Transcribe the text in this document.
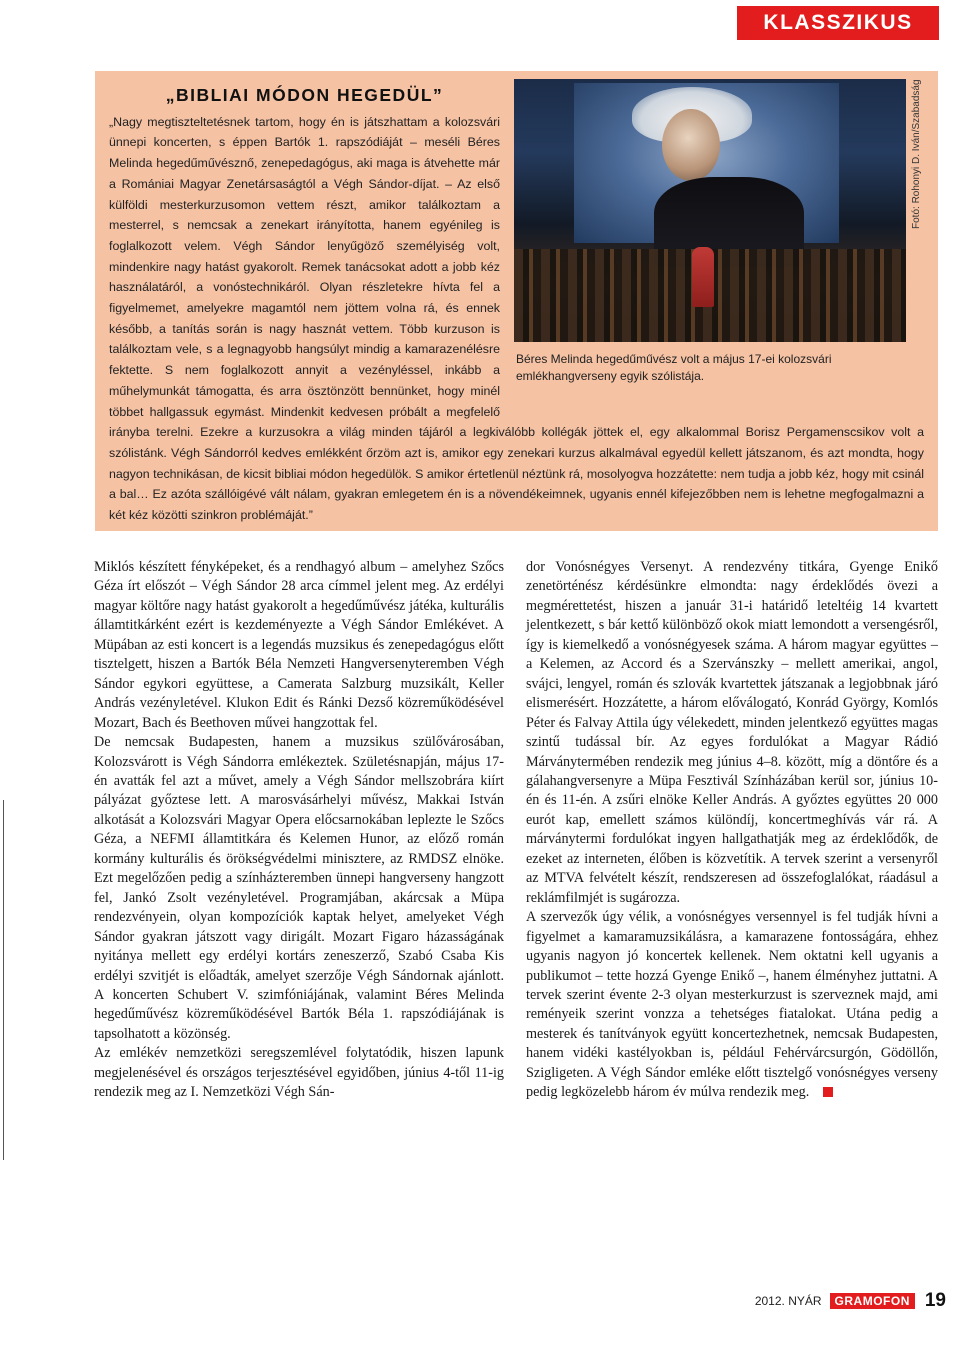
KLASSZIKUS
Fotó: Rohonyi D. Iván/Szabadság
Béres Melinda hegedűművész volt a május 17-ei kolozsvári emlékhangverseny egyik szólistája.
„BIBLIAI MÓDON HEGEDÜL”

„Nagy megtiszteltetésnek tartom, hogy én is játszhattam a kolozsvári ünnepi koncerten, s éppen Bartók 1. rapszódiáját – meséli Béres Melinda hegedűművésznő, zenepedagógus, aki maga is átvehette már a Romániai Magyar Zenetársaságtól a Végh Sándor-díjat. – Az első külföldi mesterkurzusomon vettem részt, amikor találkoztam a mesterrel, s nemcsak a zenekart irányította, hanem egyénileg is foglalkozott velem. Végh Sándor lenyűgöző személyiség volt, mindenkire nagy hatást gyakorolt. Remek tanácsokat adott a jobb kéz használatáról, a vonóstechnikáról. Olyan részletekre hívta fel a figyelmemet, amelyekre magamtól nem jöttem volna rá, és ennek később, a tanítás során is nagy hasznát vettem. Több kurzuson is találkoztam vele, s a legnagyobb hangsúlyt mindig a kamarazenélésre fektette. S nem foglalkozott annyit a vezényléssel, inkább a műhelymunkát támogatta, és arra ösztönzött bennünket, hogy minél többet hallgassuk egymást. Mindenkit kedvesen próbált a megfelelő irányba terelni. Ezekre a kurzusokra a világ minden tájáról a legkiválóbb kollégák jöttek el, egy alkalommal Borisz Pergamenscsikov volt a szólistánk. Végh Sándorról kedves emlékként őrzöm azt is, amikor egy zenekari kurzus alkalmával egyedül kellett játszanom, és azt mondta, hogy nagyon technikásan, de kicsit bibliai módon hegedülök. S amikor értetlenül néztünk rá, mosolyogva hozzátette: nem tudja a jobb kéz, hogy mit csinál a bal… Ez azóta szállóigévé vált nálam, gyakran emlegetem én is a növendékeimnek, ugyanis ennél kifejezőbben nem is lehetne megfogalmazni a két kéz közötti szinkron problémáját.”

Miklós készített fényképeket, és a rendhagyó album – amelyhez Szőcs Géza írt előszót – Végh Sándor 28 arca címmel jelent meg. Az erdélyi magyar költőre nagy hatást gyakorolt a hegedűművész játéka, kulturális államtitkárként ezért is kezdeményezte a Végh Sándor Emlékévet. A Müpában az esti koncert is a legendás muzsikus és zenepedagógus előtt tisztelgett, hiszen a Bartók Béla Nemzeti Hangversenyteremben Végh Sándor egykori együttese, a Camerata Salzburg muzsikált, Keller András vezényletével. Klukon Edit és Ránki Dezső közreműködésével Mozart, Bach és Beethoven művei hangzottak fel.

De nemcsak Budapesten, hanem a muzsikus szülővárosában, Kolozsvárott is Végh Sándorra emlékeztek. Születésnapján, május 17-én avatták fel azt a művet, amely a Végh Sándor mellszobrára kiírt pályázat győztese lett. A marosvásárhelyi művész, Makkai István alkotását a Kolozsvári Magyar Opera előcsarnokában leplezte le Szőcs Géza, a NEFMI államtitkára és Kelemen Hunor, az előző román kormány kulturális és örökségvédelmi minisztere, az RMDSZ elnöke. Ezt megelőzően pedig a színházteremben ünnepi hangverseny hangzott fel, Jankó Zsolt vezényletével. Programjában, akárcsak a Müpa rendezvényein, olyan kompozíciók kaptak helyet, amelyeket Végh Sándor gyakran játszott vagy dirigált. Mozart Figaro házasságának nyitánya mellett egy erdélyi kortárs zeneszerző, Szabó Csaba Kis erdélyi szvitjét is előadták, amelyet szerzője Végh Sándornak ajánlott. A koncerten Schubert V. szimfóniájának, valamint Béres Melinda hegedűművész közreműködésével Bartók Béla 1. rapszódiájának is tapsolhatott a közönség.

Az emlékév nemzetközi seregszemlével folytatódik, hiszen lapunk megjelenésével és országos terjesztésével egyidőben, június 4-től 11-ig rendezik meg az I. Nemzetközi Végh Sán-

dor Vonósnégyes Versenyt. A rendezvény titkára, Gyenge Enikő zenetörténész kérdésünkre elmondta: nagy érdeklődés övezi a megmérettetést, hiszen a január 31-i határidő leteltéig 14 kvartett jelentkezett, s bár kettő különböző okok miatt lemondott a versengésről, így is kiemelkedő a vonósnégyesek száma. A három magyar együttes – a Kelemen, az Accord és a Szervánszky – mellett amerikai, angol, svájci, lengyel, román és szlovák kvartettek játszanak a legjobbnak járó elismerésért. Hozzátette, a három előválogató, Konrád György, Komlós Péter és Falvay Attila úgy vélekedett, minden jelentkező együttes magas szintű tudással bír. Az egyes fordulókat a Magyar Rádió Márványtermében rendezik meg június 4–8. között, míg a döntőre és a gálahangversenyre a Müpa Fesztivál Színházában kerül sor, június 10-én és 11-én. A zsűri elnöke Keller András. A győztes együttes 20 000 eurót kap, emellett számos különdíj, koncertmeghívás vár rá. A márványtermi fordulókat ingyen hallgathatják meg az érdeklődők, de ezeket az interneten, élőben is közvetítik. A tervek szerint a versenyről az MTVA felvételt készít, rendszeresen ad összefoglalókat, ráadásul a reklámfilmjét is sugározza.

A szervezők úgy vélik, a vonósnégyes versennyel is fel tudják hívni a figyelmet a kamaramuzsikálásra, a kamarazene fontosságára, ehhez ugyanis nagyon jó koncertek kellenek. Nem oktatni kell ugyanis a publikumot – tette hozzá Gyenge Enikő –, hanem élményhez juttatni. A tervek szerint évente 2-3 olyan mesterkurzust is szerveznek majd, ami reményeik szerint vonzza a tehetséges fiatalokat. Utána pedig a mesterek és tanítványok együtt koncertezhetnek, nemcsak Budapesten, hanem vidéki kastélyokban is, például Fehérvárcsurgón, Gödöllőn, Szigligeten. A Végh Sándor emléke előtt tisztelgő vonósnégyes verseny pedig legközelebb három év múlva rendezik meg.

2012. NYÁR	GRAMOFON 19
